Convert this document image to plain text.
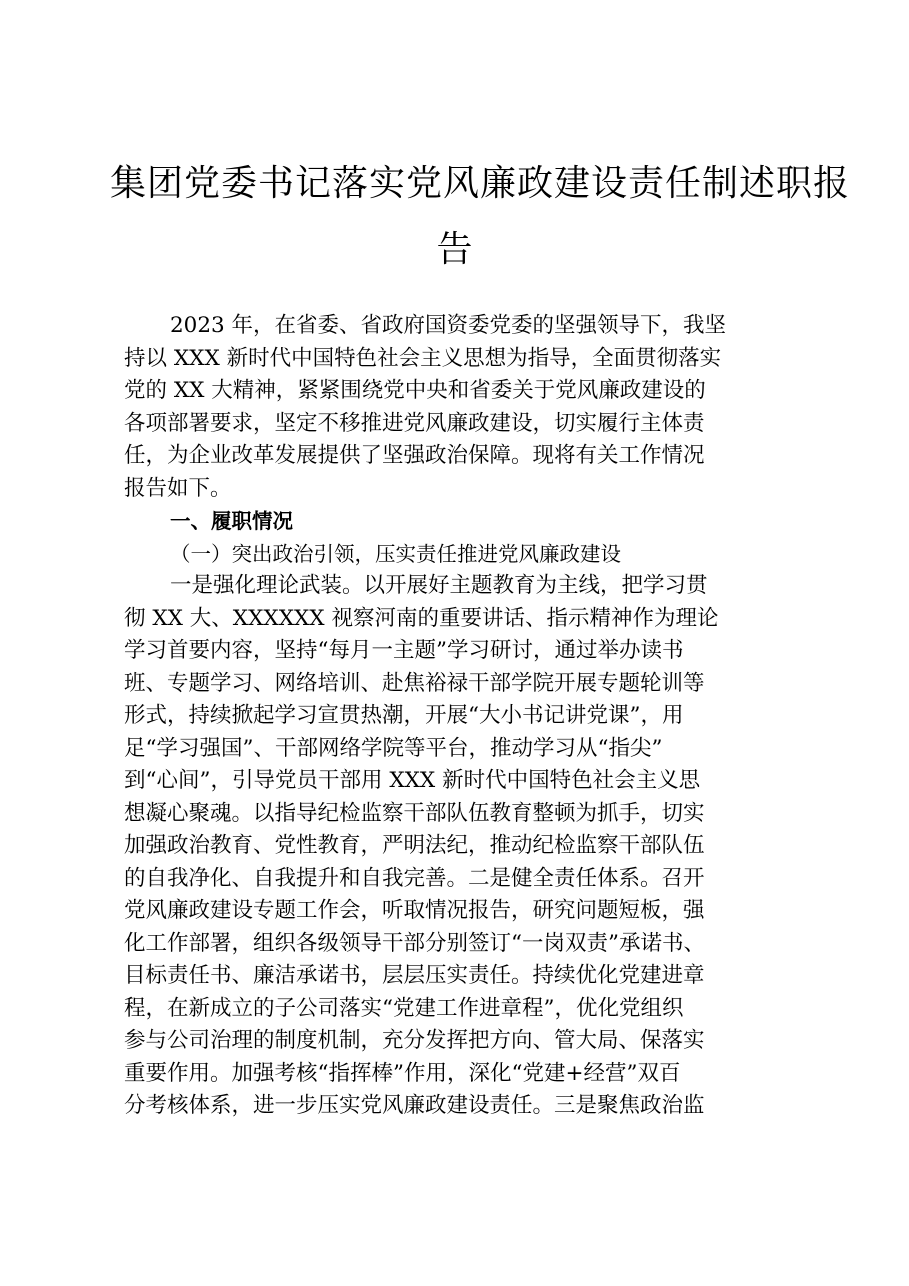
集团党委书记落实党风廉政建设责任制述职报
告
2023 年，在省委、省政府国资委党委的坚强领导下，我坚
持以 XXX 新时代中国特色社会主义思想为指导，全面贯彻落实
党的 XX 大精神，紧紧围绕党中央和省委关于党风廉政建设的
各项部署要求，坚定不移推进党风廉政建设，切实履行主体责
任，为企业改革发展提供了坚强政治保障。现将有关工作情况
报告如下。
一、履职情况
（一）突出政治引领，压实责任推进党风廉政建设
一是强化理论武装。以开展好主题教育为主线，把学习贯
彻 XX 大、XXXXXX 视察河南的重要讲话、指示精神作为理论
学习首要内容，坚持“每月一主题”学习研讨，通过举办读书
班、专题学习、网络培训、赴焦裕禄干部学院开展专题轮训等
形式，持续掀起学习宣贯热潮，开展“大小书记讲党课”，用
足“学习强国”、干部网络学院等平台，推动学习从“指尖”
到“心间”，引导党员干部用 XXX 新时代中国特色社会主义思
想凝心聚魂。以指导纪检监察干部队伍教育整顿为抓手，切实
加强政治教育、党性教育，严明法纪，推动纪检监察干部队伍
的自我净化、自我提升和自我完善。二是健全责任体系。召开
党风廉政建设专题工作会，听取情况报告，研究问题短板，强
化工作部署，组织各级领导干部分别签订“一岗双责”承诺书、
目标责任书、廉洁承诺书，层层压实责任。持续优化党建进章
程，在新成立的子公司落实“党建工作进章程”，优化党组织
参与公司治理的制度机制，充分发挥把方向、管大局、保落实
重要作用。加强考核“指挥棒”作用，深化“党建+经营”双百
分考核体系，进一步压实党风廉政建设责任。三是聚焦政治监
